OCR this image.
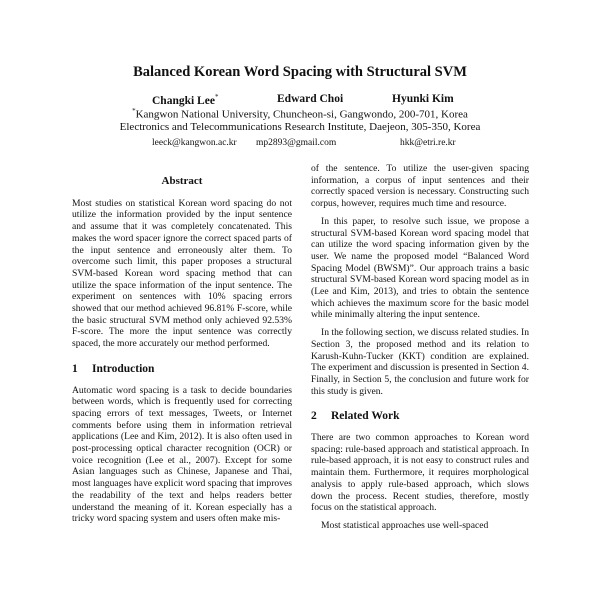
Balanced Korean Word Spacing with Structural SVM
Changki Lee*	Edward Choi	Hyunki Kim
*Kangwon National University, Chuncheon-si, Gangwondo, 200-701, Korea
Electronics and Telecommunications Research Institute, Daejeon, 305-350, Korea
leeck@kangwon.ac.kr mp2893@gmail.com	hkk@etri.re.kr
Abstract

Most studies on statistical Korean word spacing do not utilize the information provided by the input sentence and assume that it was completely concatenated. This makes the word spacer ignore the correct spaced parts of the input sentence and erroneously alter them. To overcome such limit, this paper proposes a structural SVM-based Korean word spacing method that can utilize the space information of the input sentence. The experiment on sentences with 10% spacing errors showed that our method achieved 96.81% F-score, while the basic structural SVM method only achieved 92.53% F-score. The more the input sentence was correctly spaced, the more accurately our method performed.

1 Introduction

Automatic word spacing is a task to decide boundaries between words, which is frequently used for correcting spacing errors of text messages, Tweets, or Internet comments before using them in information retrieval applications (Lee and Kim, 2012). It is also often used in post-processing optical character recognition (OCR) or voice recognition (Lee et al., 2007). Except for some Asian languages such as Chinese, Japanese and Thai, most languages have explicit word spacing that improves the readability of the text and helps readers better understand the meaning of it. Korean especially has a tricky word spacing system and users often make mis-

of the sentence. To utilize the user-given spacing information, a corpus of input sentences and their correctly spaced version is necessary. Constructing such corpus, however, requires much time and resource.

In this paper, to resolve such issue, we propose a structural SVM-based Korean word spacing model that can utilize the word spacing information given by the user. We name the proposed model “Balanced Word Spacing Model (BWSM)”. Our approach trains a basic structural SVM-based Korean word spacing model as in (Lee and Kim, 2013), and tries to obtain the sentence which achieves the maximum score for the basic model while minimally altering the input sentence.

In the following section, we discuss related studies. In Section 3, the proposed method and its relation to Karush-Kuhn-Tucker (KKT) condition are explained. The experiment and discussion is presented in Section 4. Finally, in Section 5, the conclusion and future work for this study is given.

2 Related Work

There are two common approaches to Korean word spacing: rule-based approach and statistical approach. In rule-based approach, it is not easy to construct rules and maintain them. Furthermore, it requires morphological analysis to apply rule-based approach, which slows down the process. Recent studies, therefore, mostly focus on the statistical approach.

Most statistical approaches use well-spaced
